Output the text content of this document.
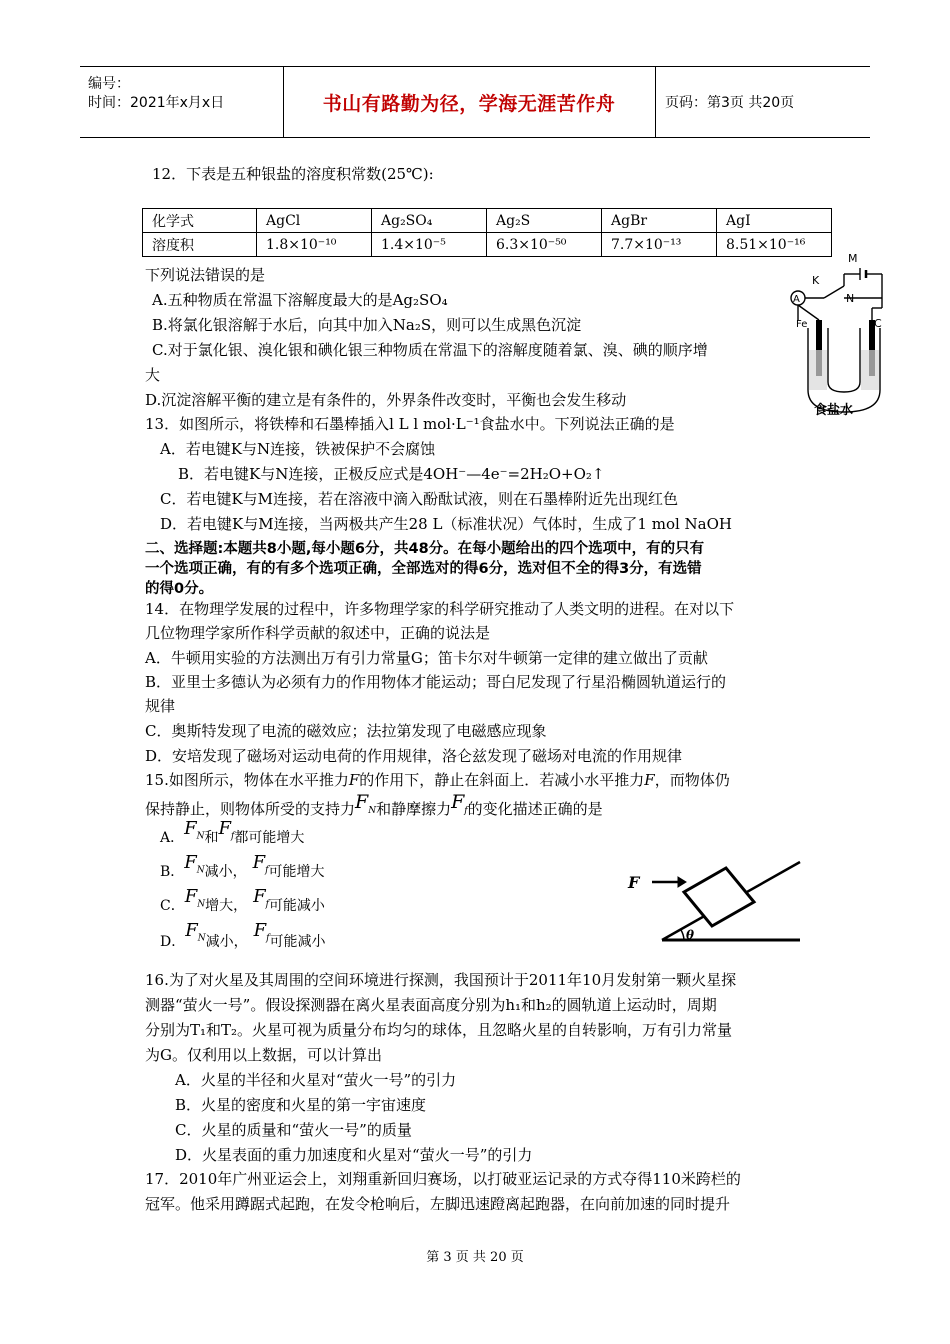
编号：
时间：2021年x月x日	书山有路勤为径，学海无涯苦作舟	页码：第3页 共20页
12．下表是五种银盐的溶度积常数(25℃):
化学式	AgCl	Ag₂SO₄	Ag₂S	AgBr	AgI
溶度积	1.8×10⁻¹⁰	1.4×10⁻⁵	6.3×10⁻⁵⁰	7.7×10⁻¹³	8.51×10⁻¹⁶
下列说法错误的是
A.五种物质在常温下溶解度最大的是Ag₂SO₄
B.将氯化银溶解于水后，向其中加入Na₂S，则可以生成黑色沉淀
C.对于氯化银、溴化银和碘化银三种物质在常温下的溶解度随着氯、溴、碘的顺序增
大
D.沉淀溶解平衡的建立是有条件的，外界条件改变时，平衡也会发生移动
M
K
N
A
Fe	C
食盐水
13．如图所示，将铁棒和石墨棒插入l L l mol·L⁻¹食盐水中。下列说法正确的是
A．若电键K与N连接，铁被保护不会腐蚀
B．若电键K与N连接，正极反应式是4OH⁻—4e⁻=2H₂O+O₂↑
C．若电键K与M连接，若在溶液中滴入酚酞试液，则在石墨棒附近先出现红色
D．若电键K与M连接，当两极共产生28 L（标准状况）气体时，生成了1 mol NaOH
二、选择题:本题共8小题,每小题6分，共48分。在每小题给出的四个选项中，有的只有
一个选项正确，有的有多个选项正确，全部选对的得6分，选对但不全的得3分，有选错
的得0分。
14．在物理学发展的过程中，许多物理学家的科学研究推动了人类文明的进程。在对以下
几位物理学家所作科学贡献的叙述中，正确的说法是
A．牛顿用实验的方法测出万有引力常量G；笛卡尔对牛顿第一定律的建立做出了贡献
B．亚里士多德认为必须有力的作用物体才能运动；哥白尼发现了行星沿椭圆轨道运行的
规律
C．奥斯特发现了电流的磁效应；法拉第发现了电磁感应现象
D．安培发现了磁场对运动电荷的作用规律，洛仑兹发现了磁场对电流的作用规律
15.如图所示，物体在水平推力F的作用下，静止在斜面上．若减小水平推力F，而物体仍
保持静止，则物体所受的支持力$F_N$和静摩擦力$F_f$的变化描述正确的是
A．$F_N$和$F_f$都可能增大
B．$F_N$减小， $F_f$可能增大
C．$F_N$增大， $F_f$可能减小
D．$F_N$减小，$F_f$可能减小
F
θ
16.为了对火星及其周围的空间环境进行探测，我国预计于2011年10月发射第一颗火星探
测器“萤火一号”。假设探测器在离火星表面高度分别为h₁和h₂的圆轨道上运动时，周期
分别为T₁和T₂。火星可视为质量分布均匀的球体，且忽略火星的自转影响，万有引力常量
为G。仅利用以上数据，可以计算出
A．火星的半径和火星对“萤火一号”的引力
B．火星的密度和火星的第一宇宙速度
C．火星的质量和“萤火一号”的质量
D．火星表面的重力加速度和火星对“萤火一号”的引力
17．2010年广州亚运会上，刘翔重新回归赛场，以打破亚运记录的方式夺得110米跨栏的
冠军。他采用蹲踞式起跑，在发令枪响后，左脚迅速蹬离起跑器，在向前加速的同时提升
第 3 页 共 20 页
